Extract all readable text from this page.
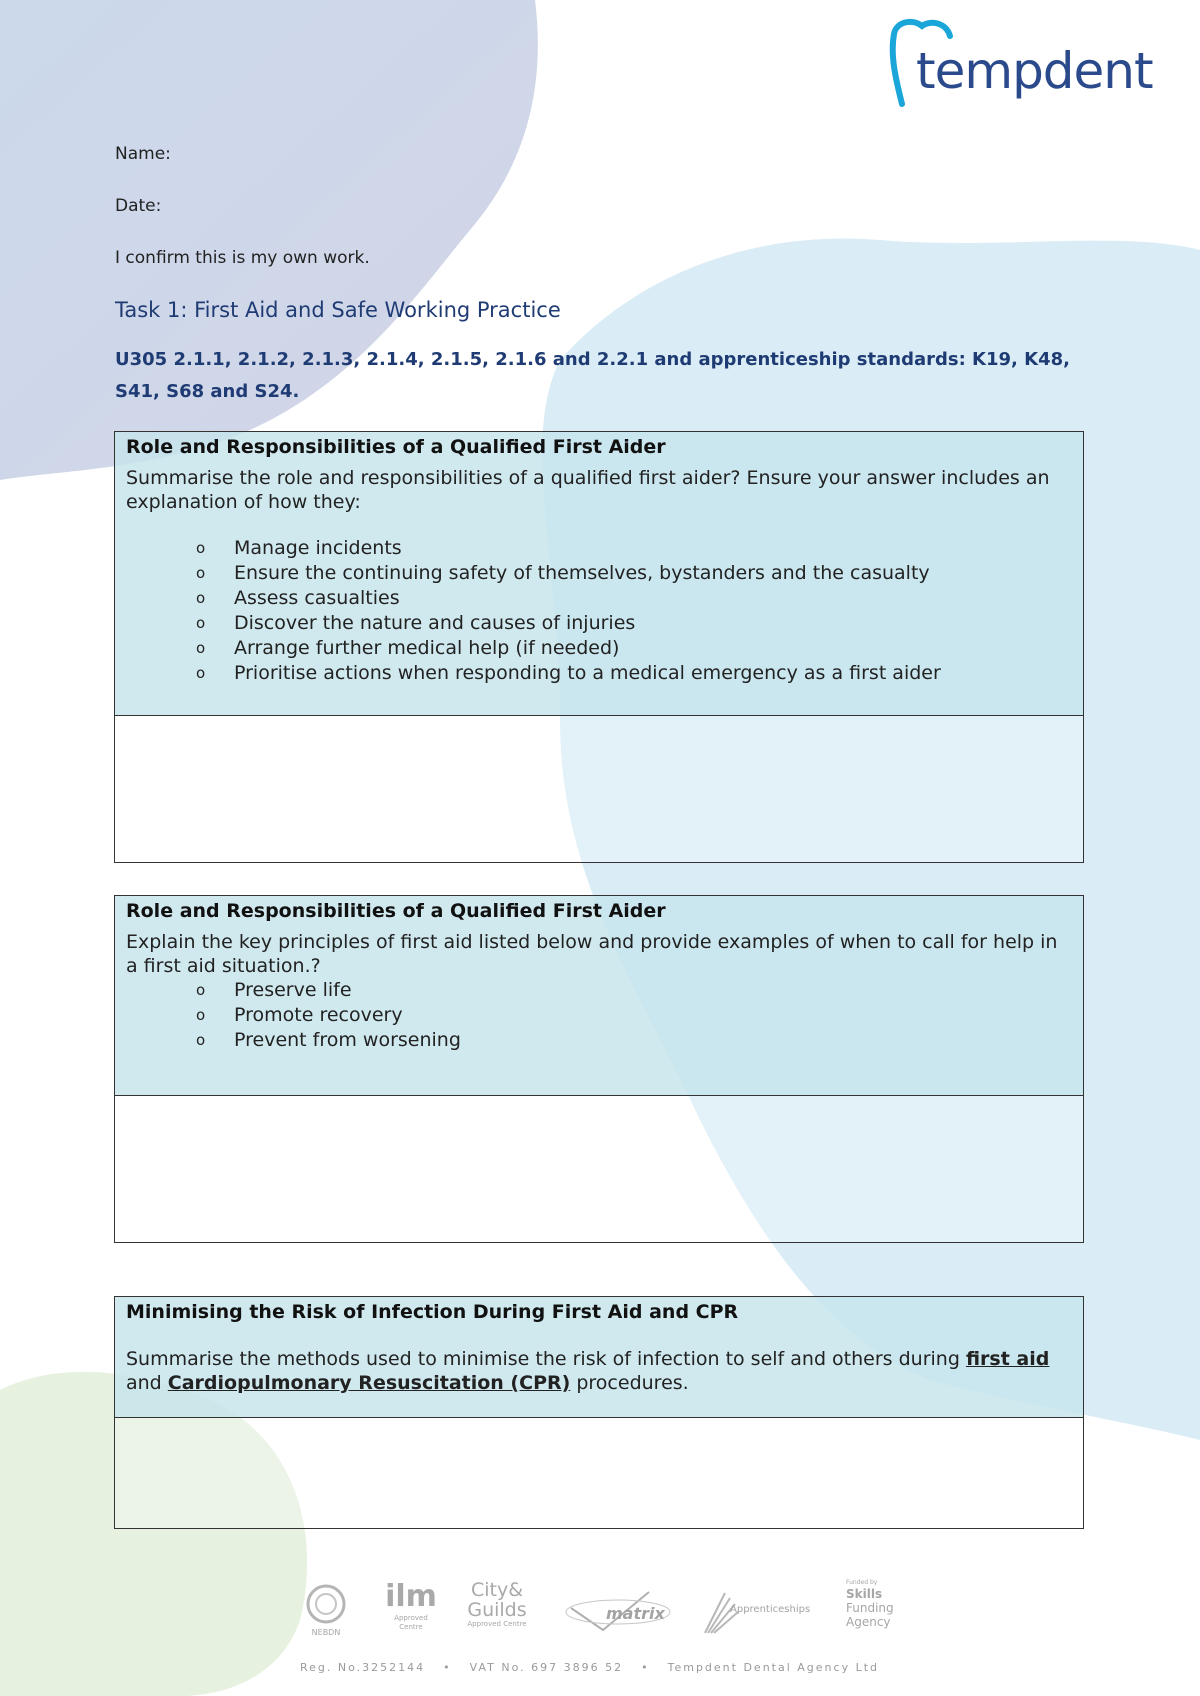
tempdent
Name:
Date:
I confirm this is my own work.
Task 1: First Aid and Safe Working Practice
U305 2.1.1, 2.1.2, 2.1.3, 2.1.4, 2.1.5, 2.1.6 and 2.2.1 and apprenticeship standards: K19, K48, S41, S68 and S24.
Role and Responsibilities of a Qualified First Aider

Summarise the role and responsibilities of a qualified first aider? Ensure your answer includes an explanation of how they:

o Manage incidents
o Ensure the continuing safety of themselves, bystanders and the casualty
o Assess casualties
o Discover the nature and causes of injuries
o Arrange further medical help (if needed)
o Prioritise actions when responding to a medical emergency as a first aider
Role and Responsibilities of a Qualified First Aider

Explain the key principles of first aid listed below and provide examples of when to call for help in a first aid situation.?

o Preserve life
o Promote recovery
o Prevent from worsening
Minimising the Risk of Infection During First Aid and CPR

Summarise the methods used to minimise the risk of infection to self and others during first aid and Cardiopulmonary Resuscitation (CPR) procedures.

NEBDN
ilm
Approved Centre
City&
Guilds
Approved Centre
matrix	Apprenticeships
Funded by
Skills
Funding
Agency
Reg. No.3252144 • VAT No. 697 3896 52 • Tempdent Dental Agency Ltd
